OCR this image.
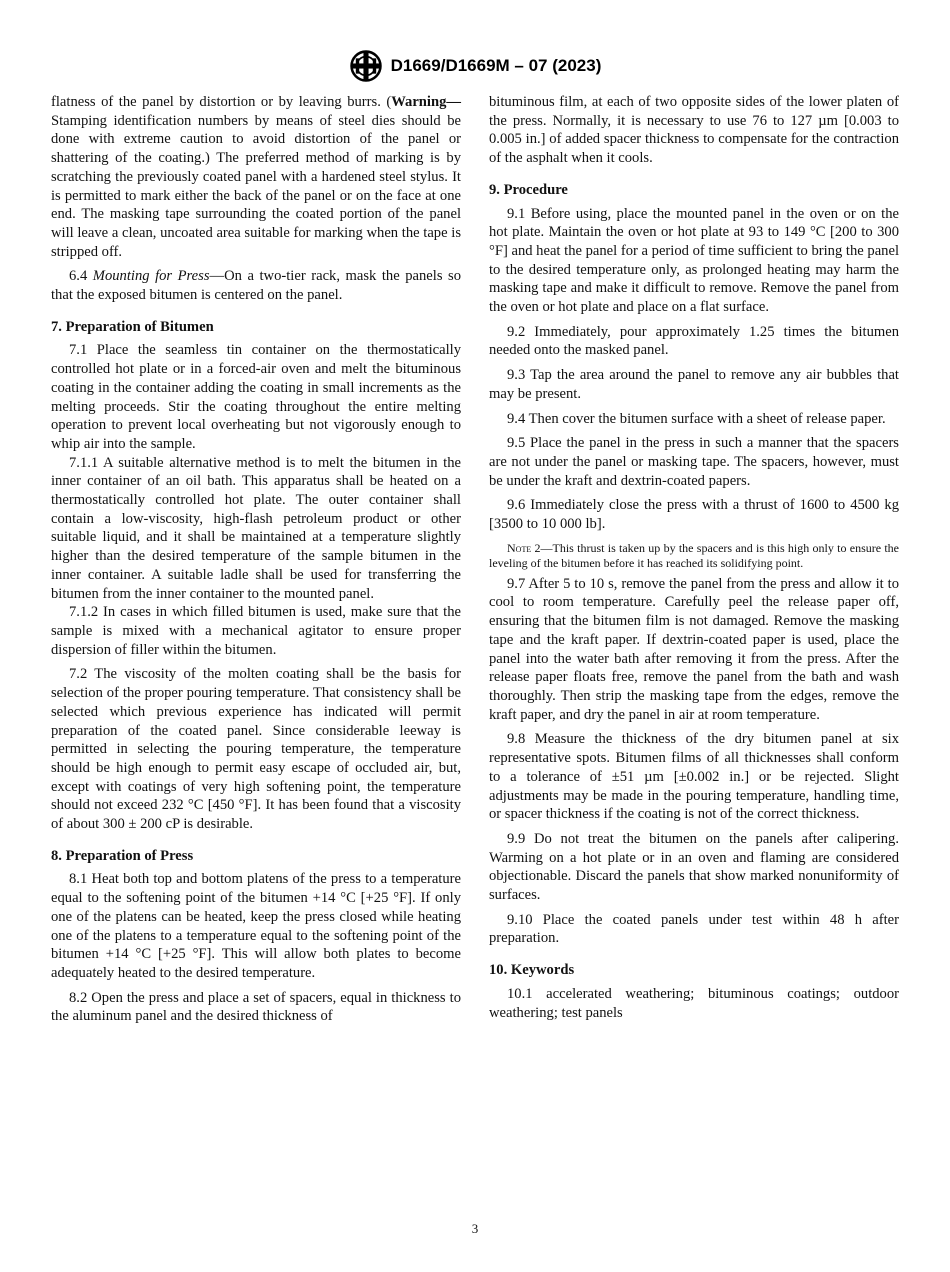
D1669/D1669M – 07 (2023)

flatness of the panel by distortion or by leaving burrs. (Warning—Stamping identification numbers by means of steel dies should be done with extreme caution to avoid distortion of the panel or shattering of the coating.) The preferred method of marking is by scratching the previously coated panel with a hardened steel stylus. It is permitted to mark either the back of the panel or on the face at one end. The masking tape surrounding the coated portion of the panel will leave a clean, uncoated area suitable for marking when the tape is stripped off.

6.4 Mounting for Press—On a two-tier rack, mask the panels so that the exposed bitumen is centered on the panel.

7. Preparation of Bitumen

7.1 Place the seamless tin container on the thermostatically controlled hot plate or in a forced-air oven and melt the bituminous coating in the container adding the coating in small increments as the melting proceeds. Stir the coating throughout the entire melting operation to prevent local overheating but not vigorously enough to whip air into the sample.

7.1.1 A suitable alternative method is to melt the bitumen in the inner container of an oil bath. This apparatus shall be heated on a thermostatically controlled hot plate. The outer container shall contain a low-viscosity, high-flash petroleum product or other suitable liquid, and it shall be maintained at a temperature slightly higher than the desired temperature of the sample bitumen in the inner container. A suitable ladle shall be used for transferring the bitumen from the inner container to the mounted panel.

7.1.2 In cases in which filled bitumen is used, make sure that the sample is mixed with a mechanical agitator to ensure proper dispersion of filler within the bitumen.

7.2 The viscosity of the molten coating shall be the basis for selection of the proper pouring temperature. That consistency shall be selected which previous experience has indicated will permit preparation of the coated panel. Since considerable leeway is permitted in selecting the pouring temperature, the temperature should be high enough to permit easy escape of occluded air, but, except with coatings of very high softening point, the temperature should not exceed 232 °C [450 °F]. It has been found that a viscosity of about 300 ± 200 cP is desirable.

8. Preparation of Press

8.1 Heat both top and bottom platens of the press to a temperature equal to the softening point of the bitumen +14 °C [+25 °F]. If only one of the platens can be heated, keep the press closed while heating one of the platens to a temperature equal to the softening point of the bitumen +14 °C [+25 °F]. This will allow both plates to become adequately heated to the desired temperature.

8.2 Open the press and place a set of spacers, equal in thickness to the aluminum panel and the desired thickness of

bituminous film, at each of two opposite sides of the lower platen of the press. Normally, it is necessary to use 76 to 127 µm [0.003 to 0.005 in.] of added spacer thickness to compensate for the contraction of the asphalt when it cools.

9. Procedure

9.1 Before using, place the mounted panel in the oven or on the hot plate. Maintain the oven or hot plate at 93 to 149 °C [200 to 300 °F] and heat the panel for a period of time sufficient to bring the panel to the desired temperature only, as prolonged heating may harm the masking tape and make it difficult to remove. Remove the panel from the oven or hot plate and place on a flat surface.

9.2 Immediately, pour approximately 1.25 times the bitumen needed onto the masked panel.

9.3 Tap the area around the panel to remove any air bubbles that may be present.

9.4 Then cover the bitumen surface with a sheet of release paper.

9.5 Place the panel in the press in such a manner that the spacers are not under the panel or masking tape. The spacers, however, must be under the kraft and dextrin-coated papers.

9.6 Immediately close the press with a thrust of 1600 to 4500 kg [3500 to 10 000 lb].

Note 2—This thrust is taken up by the spacers and is this high only to ensure the leveling of the bitumen before it has reached its solidifying point.

9.7 After 5 to 10 s, remove the panel from the press and allow it to cool to room temperature. Carefully peel the release paper off, ensuring that the bitumen film is not damaged. Remove the masking tape and the kraft paper. If dextrin-coated paper is used, place the panel into the water bath after removing it from the press. After the release paper floats free, remove the panel from the bath and wash thoroughly. Then strip the masking tape from the edges, remove the kraft paper, and dry the panel in air at room temperature.

9.8 Measure the thickness of the dry bitumen panel at six representative spots. Bitumen films of all thicknesses shall conform to a tolerance of ±51 µm [±0.002 in.] or be rejected. Slight adjustments may be made in the pouring temperature, handling time, or spacer thickness if the coating is not of the correct thickness.

9.9 Do not treat the bitumen on the panels after calipering. Warming on a hot plate or in an oven and flaming are considered objectionable. Discard the panels that show marked nonuniformity of surfaces.

9.10 Place the coated panels under test within 48 h after preparation.

10. Keywords

10.1 accelerated weathering; bituminous coatings; outdoor weathering; test panels

3
